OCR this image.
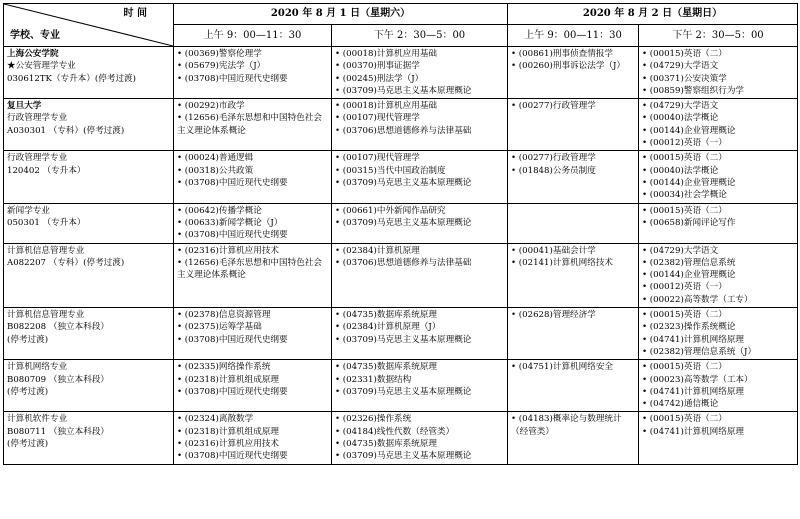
时 间
学校、专业	2020 年 8 月 1 日（星期六）		2020 年 8 月 2 日（星期日）	
	上午 9：00—11：30	下午 2：30—5：00	上午 9：00—11：30	下午 2：30—5：00

上海公安学院
★公安管理学专业
030612TK（专升本）(停考过渡)	• (00369)警察伦理学
• (05679)宪法学（J）
• (03708)中国近现代史纲要	• (00018)计算机应用基础
• (00370)刑事证据学
• (00245)刑法学（J）
• (03709)马克思主义基本原理概论	• (00861)刑事侦查情报学
• (00260)刑事诉讼法学（J）	• (00015)英语（二）
• (04729)大学语文
• (00371)公安决策学
• (00859)警察组织行为学

复旦大学
行政管理学专业
A030301 （专科）(停考过渡)	• (00292)市政学
• (12656)毛泽东思想和中国特色社会主义理论体系概论	• (00018)计算机应用基础
• (00107)现代管理学
• (03706)思想道德修养与法律基础	• (00277)行政管理学	• (04729)大学语文
• (00040)法学概论
• (00144)企业管理概论
• (00012)英语（一）

行政管理学专业
120402 （专升本）	• (00024)普通逻辑
• (00318)公共政策
• (03708)中国近现代史纲要	• (00107)现代管理学
• (00315)当代中国政治制度
• (03709)马克思主义基本原理概论	• (00277)行政管理学
• (01848)公务员制度	• (00015)英语（二）
• (00040)法学概论
• (00144)企业管理概论
• (00034)社会学概论

新闻学专业
050301 （专升本）	• (00642)传播学概论
• (00633)新闻学概论（J）
• (03708)中国近现代史纲要	• (00661)中外新闻作品研究
• (03709)马克思主义基本原理概论		• (00015)英语（二）
• (00658)新闻评论写作

计算机信息管理专业
A082207 （专科）(停考过渡)	• (02316)计算机应用技术
• (12656)毛泽东思想和中国特色社会主义理论体系概论	• (02384)计算机原理
• (03706)思想道德修养与法律基础	• (00041)基础会计学
• (02141)计算机网络技术	• (04729)大学语文
• (02382)管理信息系统
• (00144)企业管理概论
• (00012)英语（一）
• (00022)高等数学（工专）

计算机信息管理专业
B082208 （独立本科段）
(停考过渡)	• (02378)信息资源管理
• (02375)运筹学基础
• (03708)中国近现代史纲要	• (04735)数据库系统原理
• (02384)计算机原理（J）
• (03709)马克思主义基本原理概论	• (02628)管理经济学	• (00015)英语（二）
• (02323)操作系统概论
• (04741)计算机网络原理
• (02382)管理信息系统（J）

计算机网络专业
B080709 （独立本科段）
(停考过渡)	• (02335)网络操作系统
• (02318)计算机组成原理
• (03708)中国近现代史纲要	• (04735)数据库系统原理
• (02331)数据结构
• (03709)马克思主义基本原理概论	• (04751)计算机网络安全	• (00015)英语（二）
• (00023)高等数学（工本）
• (04741)计算机网络原理
• (04742)通信概论

计算机软件专业
B080711 （独立本科段）
(停考过渡)	• (02324)离散数学
• (02318)计算机组成原理
• (02316)计算机应用技术
• (03708)中国近现代史纲要	• (02326)操作系统
• (04184)线性代数（经管类）
• (04735)数据库系统原理
• (03709)马克思主义基本原理概论	• (04183)概率论与数理统计（经管类）	• (00015)英语（二）
• (04741)计算机网络原理
